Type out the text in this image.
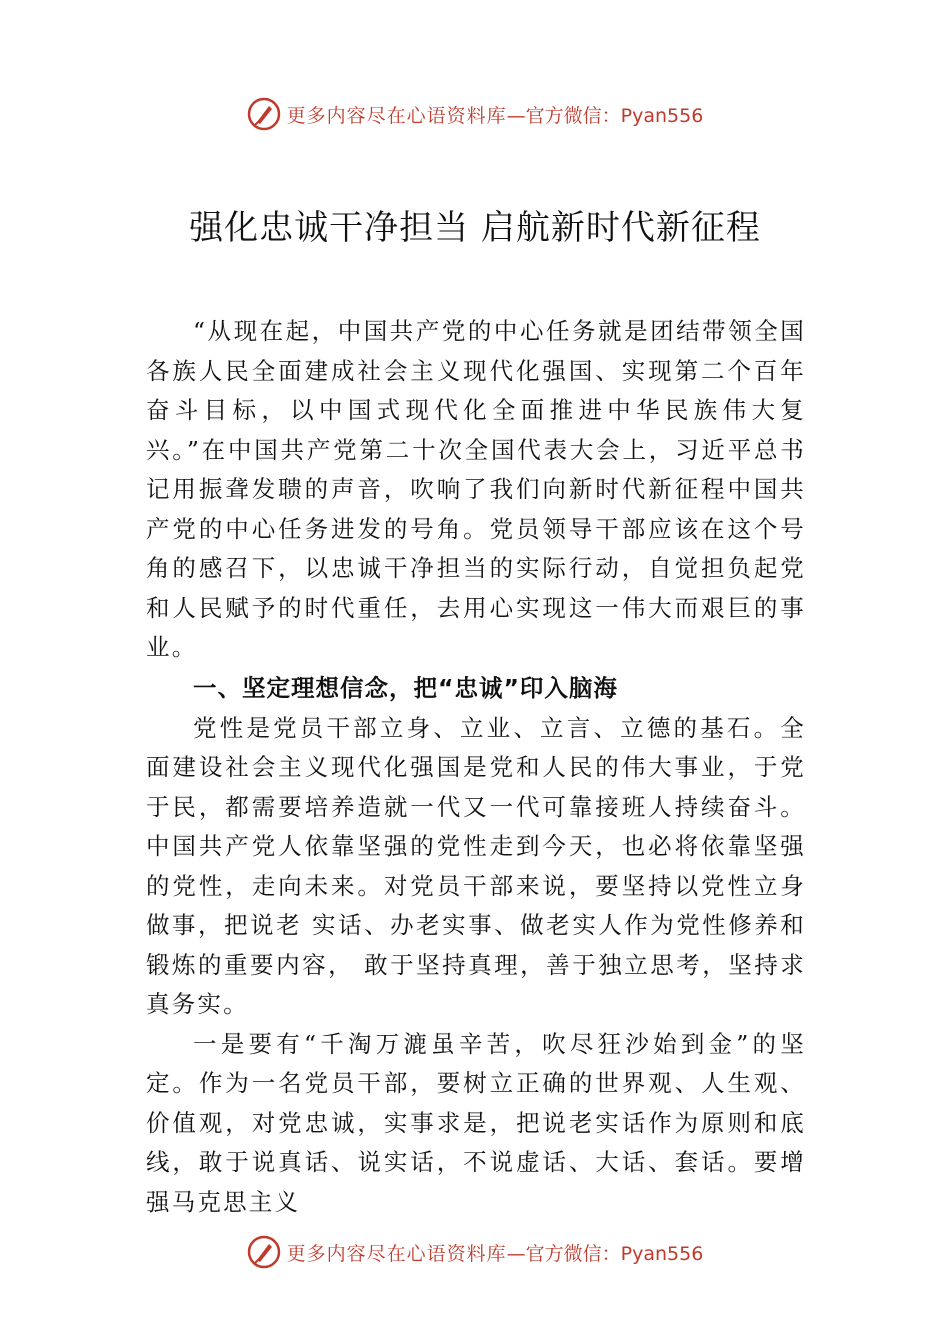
更多内容尽在心语资料库 —官方微信：Pyan556
强化忠诚干净担当 启航新时代新征程

“从现在起，中国共产党的中心任务就是团结带领全国各族人民全面建成社会主义现代化强国、实现第二个百年奋斗目标，以中国式现代化全面推进中华民族伟大复兴。”在中国共产党第二十次全国代表大会上，习近平总书记用振聋发聩的声音，吹响了我们向新时代新征程中国共产党的中心任务进发的号角。党员领导干部应该在这个号角的感召下，以忠诚干净担当的实际行动，自觉担负起党和人民赋予的时代重任，去用心实现这一伟大而艰巨的事业。

一、坚定理想信念，把“忠诚”印入脑海

党性是党员干部立身、立业、立言、立德的基石。全面建设社会主义现代化强国是党和人民的伟大事业，于党于民，都需要培养造就一代又一代可靠接班人持续奋斗。中国共产党人依靠坚强的党性走到今天，也必将依靠坚强的党性，走向未来。对党员干部来说，要坚持以党性立身做事，把说老 实话、办老实事、做老实人作为党性修养和锻炼的重要内容， 敢于坚持真理，善于独立思考，坚持求真务实。

一是要有“千淘万漉虽辛苦，吹尽狂沙始到金”的坚定。作为一名党员干部，要树立正确的世界观、人生观、价值观，对党忠诚，实事求是，把说老实话作为原则和底线，敢于说真话、说实话，不说虚话、大话、套话。要增强马克思主义

更多内容尽在心语资料库 —官方微信：Pyan556
